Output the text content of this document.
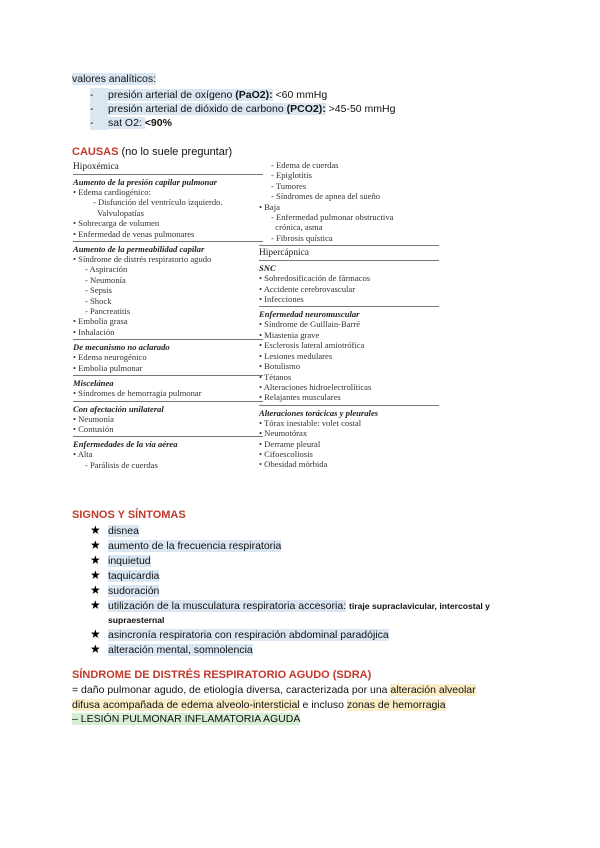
valores analíticos:
- presión arterial de oxígeno (PaO2): <60 mmHg
- presión arterial de dióxido de carbono (PCO2): >45-50 mmHg
- sat O2: <90%
CAUSAS (no lo suele preguntar)
Hipoxémica
Aumento de la presión capilar pulmonar
• Edema cardiogénico:
- Disfunción del ventrículo izquierdo.
Valvulopatías
• Sobrecarga de volumen
• Enfermedad de venas pulmonares
Aumento de la permeabilidad capilar
• Síndrome de distrés respiratorio agudo
- Aspiración
- Neumonía
- Sepsis
- Shock
- Pancreatitis
• Embolia grasa
• Inhalación
De mecanismo no aclarado
• Edema neurogénico
• Embolia pulmonar
Miscelánea
• Síndromes de hemorragia pulmonar
Con afectación unilateral
• Neumonía
• Contusión
Enfermedades de la vía aérea
• Alta
- Parálisis de cuerdas
- Edema de cuerdas
- Epiglotitis
- Tumores
- Síndromes de apnea del sueño
• Baja
- Enfermedad pulmonar obstructiva
crónica, asma
- Fibrosis quística
Hipercápnica
SNC
• Sobredosificación de fármacos
• Accidente cerebrovascular
• Infecciones
Enfermedad neuromuscular
• Síndrome de Guillain-Barré
• Miastenia grave
• Esclerosis lateral amiotrófica
• Lesiones medulares
• Botulismo
• Tétanos
• Alteraciones hidroelectrolíticas
• Relajantes musculares
Alteraciones torácicas y pleurales
• Tórax inestable: volet costal
• Neumotórax
• Derrame pleural
• Cifoescoliosis
• Obesidad mórbida
SIGNOS Y SÍNTOMAS
★ disnea
★ aumento de la frecuencia respiratoria
★ inquietud
★ taquicardia
★ sudoración
★ utilización de la musculatura respiratoria accesoria: tiraje supraclavicular, intercostal y
supraesternal
★ asincronía respiratoria con respiración abdominal paradójica
★ alteración mental, somnolencia
SÍNDROME DE DISTRÉS RESPIRATORIO AGUDO (SDRA)
= daño pulmonar agudo, de etiología diversa, caracterizada por una alteración alveolar
difusa acompañada de edema alveolo-intersticial e incluso zonas de hemorragia
– LESIÓN PULMONAR INFLAMATORIA AGUDA
